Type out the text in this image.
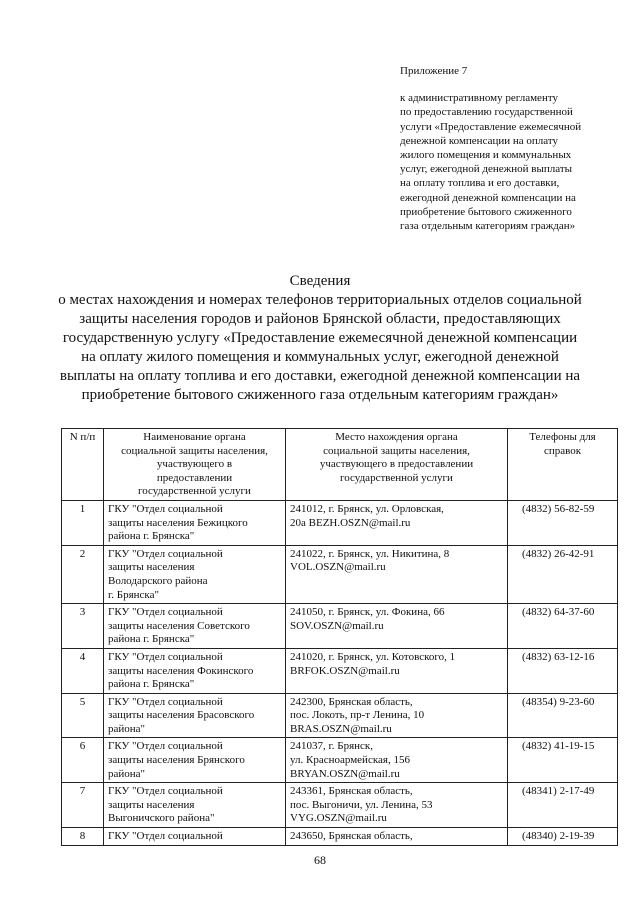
Приложение 7
к административному регламенту
по предоставлению государственной
услуги «Предоставление ежемесячной
денежной компенсации на оплату
жилого помещения и коммунальных
услуг, ежегодной денежной выплаты
на оплату топлива и его доставки,
ежегодной денежной компенсации на
приобретение бытового сжиженного
газа отдельным категориям граждан»
Сведения
о местах нахождения и номерах телефонов территориальных отделов социальной
защиты населения городов и районов Брянской области, предоставляющих
государственную услугу «Предоставление ежемесячной денежной компенсации
на оплату жилого помещения и коммунальных услуг, ежегодной денежной
выплаты на оплату топлива и его доставки, ежегодной денежной компенсации на
приобретение бытового сжиженного газа отдельным категориям граждан»
N п/п	Наименование органа
социальной защиты населения,
участвующего в
предоставлении
государственной услуги	Место нахождения органа
социальной защиты населения,
участвующего в предоставлении
государственной услуги	Телефоны для
справок

1	ГКУ "Отдел социальной
защиты населения Бежицкого
района г. Брянска"	241012, г. Брянск, ул. Орловская,
20а BEZH.OSZN@mail.ru	(4832) 56-82-59
2	ГКУ "Отдел социальной
защиты населения
Володарского района
г. Брянска"	241022, г. Брянск, ул. Никитина, 8
VOL.OSZN@mail.ru	(4832) 26-42-91
3	ГКУ "Отдел социальной
защиты населения Советского
района г. Брянска"	241050, г. Брянск, ул. Фокина, 66
SOV.OSZN@mail.ru	(4832) 64-37-60
4	ГКУ "Отдел социальной
защиты населения Фокинского
района г. Брянска"	241020, г. Брянск, ул. Котовского, 1
BRFOK.OSZN@mail.ru	(4832) 63-12-16
5	ГКУ "Отдел социальной
защиты населения Брасовского
района"	242300, Брянская область,
пос. Локоть, пр-т Ленина, 10
BRAS.OSZN@mail.ru	(48354) 9-23-60
6	ГКУ "Отдел социальной
защиты населения Брянского
района"	241037, г. Брянск,
ул. Красноармейская, 156
BRYAN.OSZN@mail.ru	(4832) 41-19-15
7	ГКУ "Отдел социальной
защиты населения
Выгоничского района"	243361, Брянская область,
пос. Выгоничи, ул. Ленина, 53
VYG.OSZN@mail.ru	(48341) 2-17-49
8	ГКУ "Отдел социальной	243650, Брянская область,	(48340) 2-19-39
68
